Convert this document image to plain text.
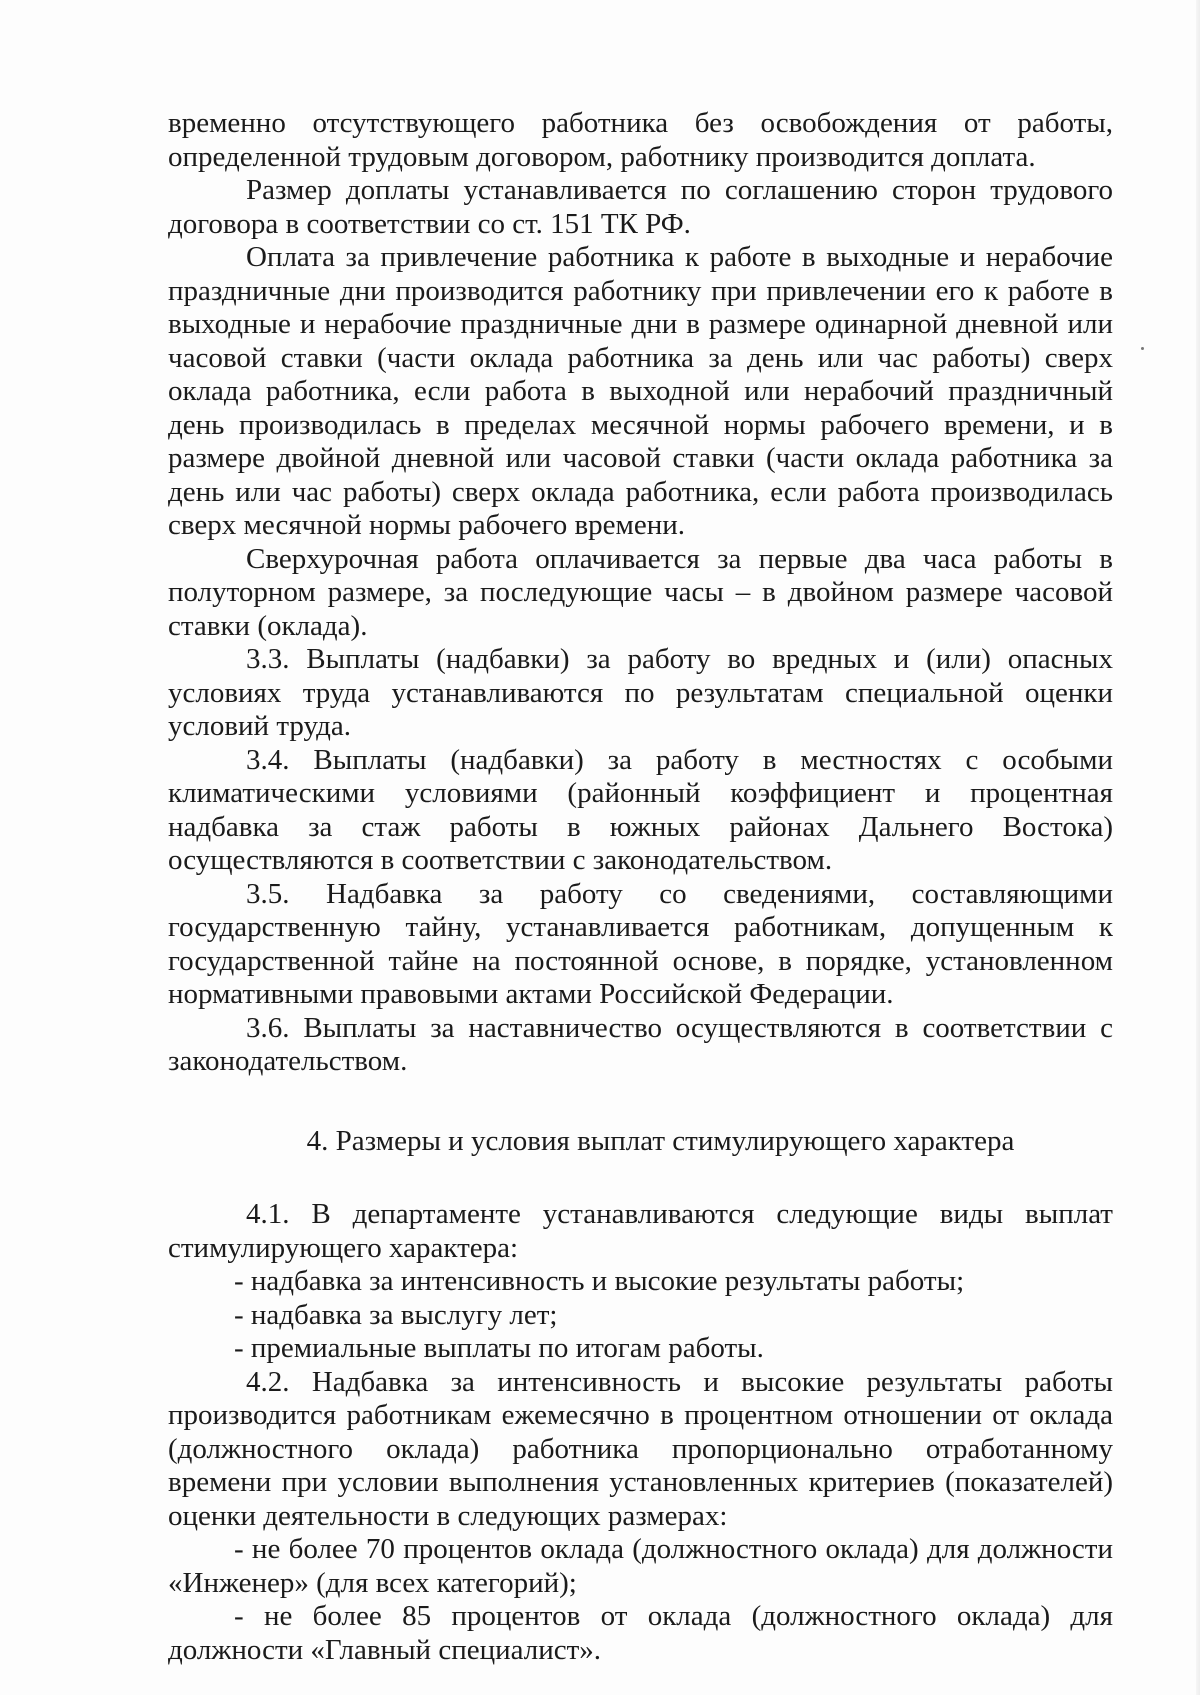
временно отсутствующего работника без освобождения от работы, определенной трудовым договором, работнику производится доплата.

Размер доплаты устанавливается по соглашению сторон трудового договора в соответствии со ст. 151 ТК РФ.

Оплата за привлечение работника к работе в выходные и нерабочие праздничные дни производится работнику при привлечении его к работе в выходные и нерабочие праздничные дни в размере одинарной дневной или часовой ставки (части оклада работника за день или час работы) сверх оклада работника, если работа в выходной или нерабочий праздничный день производилась в пределах месячной нормы рабочего времени, и в размере двойной дневной или часовой ставки (части оклада работника за день или час работы) сверх оклада работника, если работа производилась сверх месячной нормы рабочего времени.

Сверхурочная работа оплачивается за первые два часа работы в полуторном размере, за последующие часы – в двойном размере часовой ставки (оклада).

3.3. Выплаты (надбавки) за работу во вредных и (или) опасных условиях труда устанавливаются по результатам специальной оценки условий труда.

3.4. Выплаты (надбавки) за работу в местностях с особыми климатическими условиями (районный коэффициент и процентная надбавка за стаж работы в южных районах Дальнего Востока) осуществляются в соответствии с законодательством.

3.5. Надбавка за работу со сведениями, составляющими государственную тайну, устанавливается работникам, допущенным к государственной тайне на постоянной основе, в порядке, установленном нормативными правовыми актами Российской Федерации.

3.6. Выплаты за наставничество осуществляются в соответствии с законодательством.

4. Размеры и условия выплат стимулирующего характера

4.1. В департаменте устанавливаются следующие виды выплат стимулирующего характера:

- надбавка за интенсивность и высокие результаты работы;

- надбавка за выслугу лет;

- премиальные выплаты по итогам работы.

4.2. Надбавка за интенсивность и высокие результаты работы производится работникам ежемесячно в процентном отношении от оклада (должностного оклада) работника пропорционально отработанному времени при условии выполнения установленных критериев (показателей) оценки деятельности в следующих размерах:

- не более 70 процентов оклада (должностного оклада) для должности «Инженер» (для всех категорий);

- не более 85 процентов от оклада (должностного оклада) для должности «Главный специалист».
